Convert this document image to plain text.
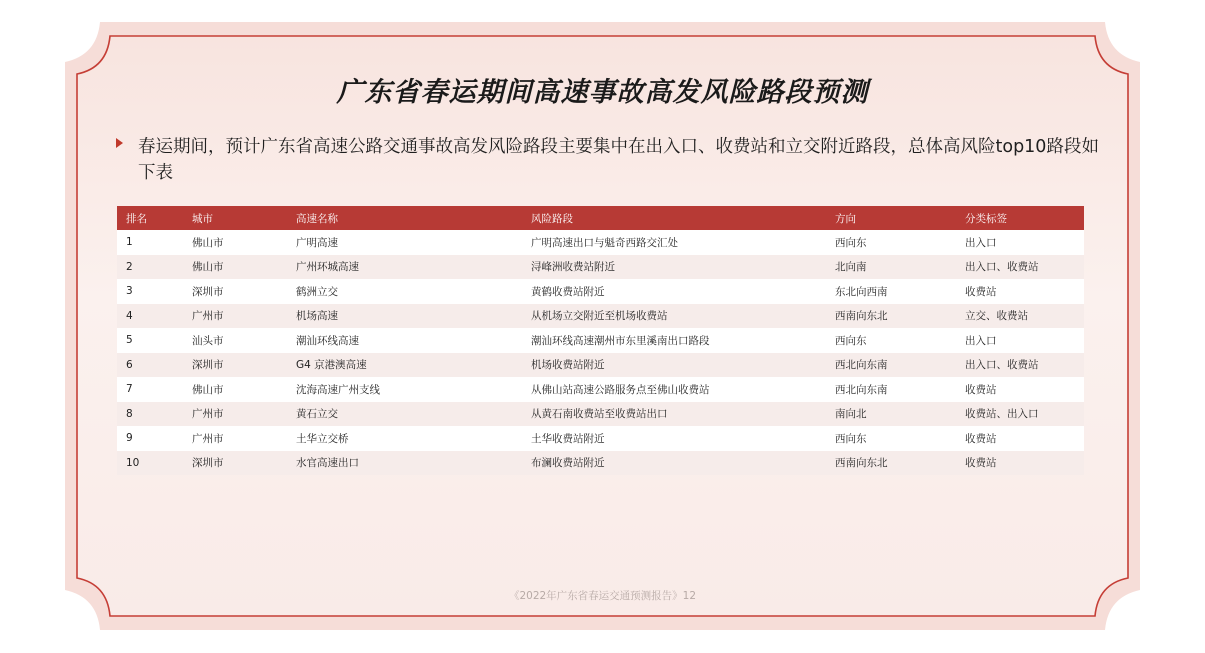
广东省春运期间高速事故高发风险路段预测
春运期间，预计广东省高速公路交通事故高发风险路段主要集中在出入口、收费站和立交附近路段，总体高风险top10路段如下表
排名	城市	高速名称	风险路段	方向	分类标签
1	佛山市	广明高速	广明高速出口与魁奇西路交汇处	西向东	出入口
2	佛山市	广州环城高速	浔峰洲收费站附近	北向南	出入口、收费站
3	深圳市	鹤洲立交	黄鹤收费站附近	东北向西南	收费站
4	广州市	机场高速	从机场立交附近至机场收费站	西南向东北	立交、收费站
5	汕头市	潮汕环线高速	潮汕环线高速潮州市东里溪南出口路段	西向东	出入口
6	深圳市	G4 京港澳高速	机场收费站附近	西北向东南	出入口、收费站
7	佛山市	沈海高速广州支线	从佛山站高速公路服务点至佛山收费站	西北向东南	收费站
8	广州市	黄石立交	从黄石南收费站至收费站出口	南向北	收费站、出入口
9	广州市	土华立交桥	土华收费站附近	西向东	收费站
10	深圳市	水官高速出口	布澜收费站附近	西南向东北	收费站
《2022年广东省春运交通预测报告》12
